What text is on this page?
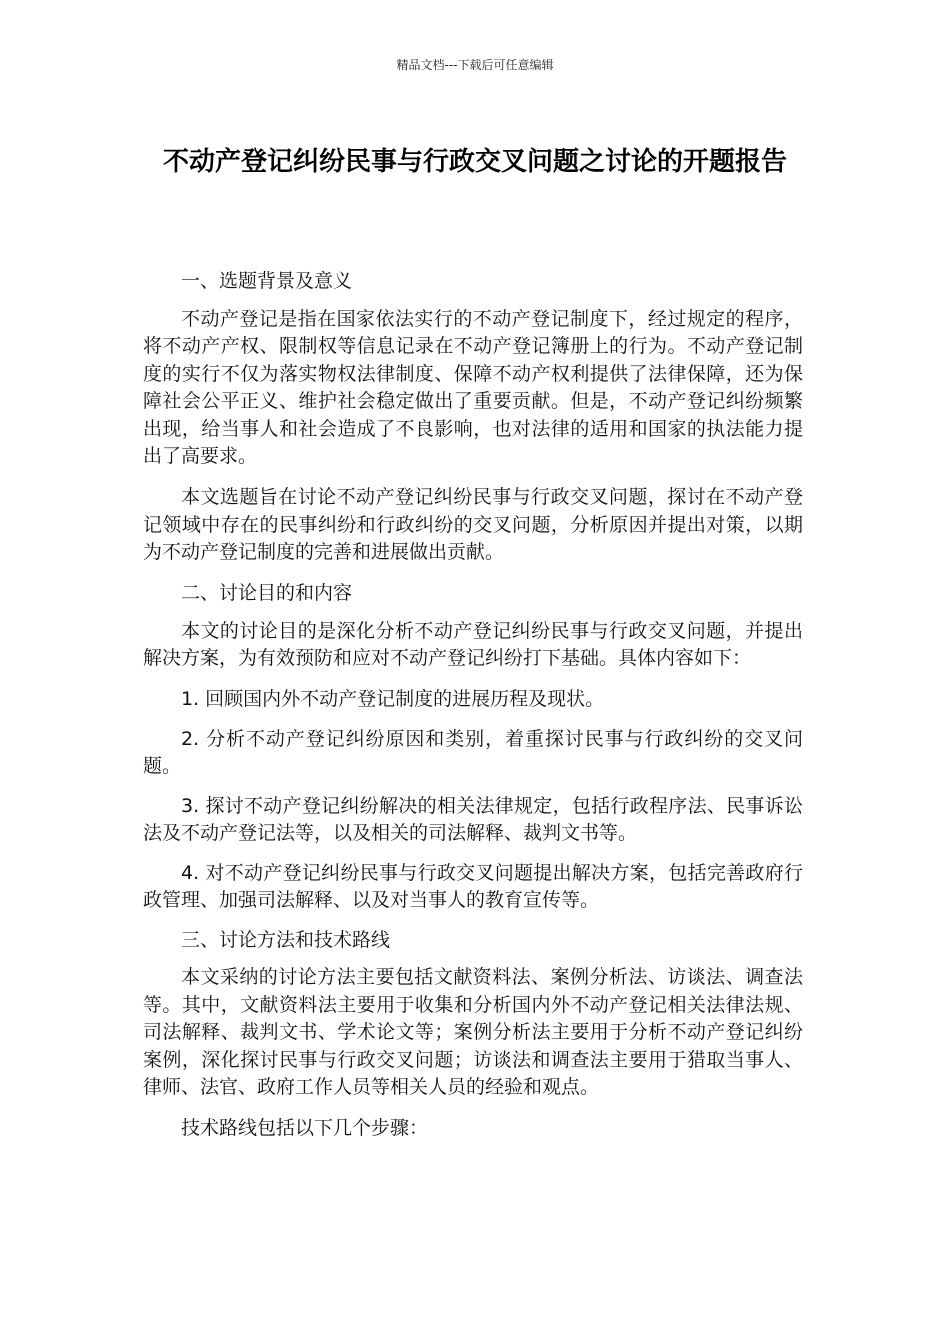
精品文档---下载后可任意编辑
不动产登记纠纷民事与行政交叉问题之讨论的开题报告

一、选题背景及意义

不动产登记是指在国家依法实行的不动产登记制度下，经过规定的程序，将不动产产权、限制权等信息记录在不动产登记簿册上的行为。不动产登记制度的实行不仅为落实物权法律制度、保障不动产权利提供了法律保障，还为保障社会公平正义、维护社会稳定做出了重要贡献。但是，不动产登记纠纷频繁出现，给当事人和社会造成了不良影响，也对法律的适用和国家的执法能力提出了高要求。

本文选题旨在讨论不动产登记纠纷民事与行政交叉问题，探讨在不动产登记领域中存在的民事纠纷和行政纠纷的交叉问题，分析原因并提出对策，以期为不动产登记制度的完善和进展做出贡献。

二、讨论目的和内容

本文的讨论目的是深化分析不动产登记纠纷民事与行政交叉问题，并提出解决方案，为有效预防和应对不动产登记纠纷打下基础。具体内容如下：

1. 回顾国内外不动产登记制度的进展历程及现状。

2. 分析不动产登记纠纷原因和类别，着重探讨民事与行政纠纷的交叉问题。

3. 探讨不动产登记纠纷解决的相关法律规定，包括行政程序法、民事诉讼法及不动产登记法等，以及相关的司法解释、裁判文书等。

4. 对不动产登记纠纷民事与行政交叉问题提出解决方案，包括完善政府行政管理、加强司法解释、以及对当事人的教育宣传等。

三、讨论方法和技术路线

本文采纳的讨论方法主要包括文献资料法、案例分析法、访谈法、调查法等。其中，文献资料法主要用于收集和分析国内外不动产登记相关法律法规、司法解释、裁判文书、学术论文等；案例分析法主要用于分析不动产登记纠纷案例，深化探讨民事与行政交叉问题；访谈法和调查法主要用于猎取当事人、律师、法官、政府工作人员等相关人员的经验和观点。

技术路线包括以下几个步骤：
